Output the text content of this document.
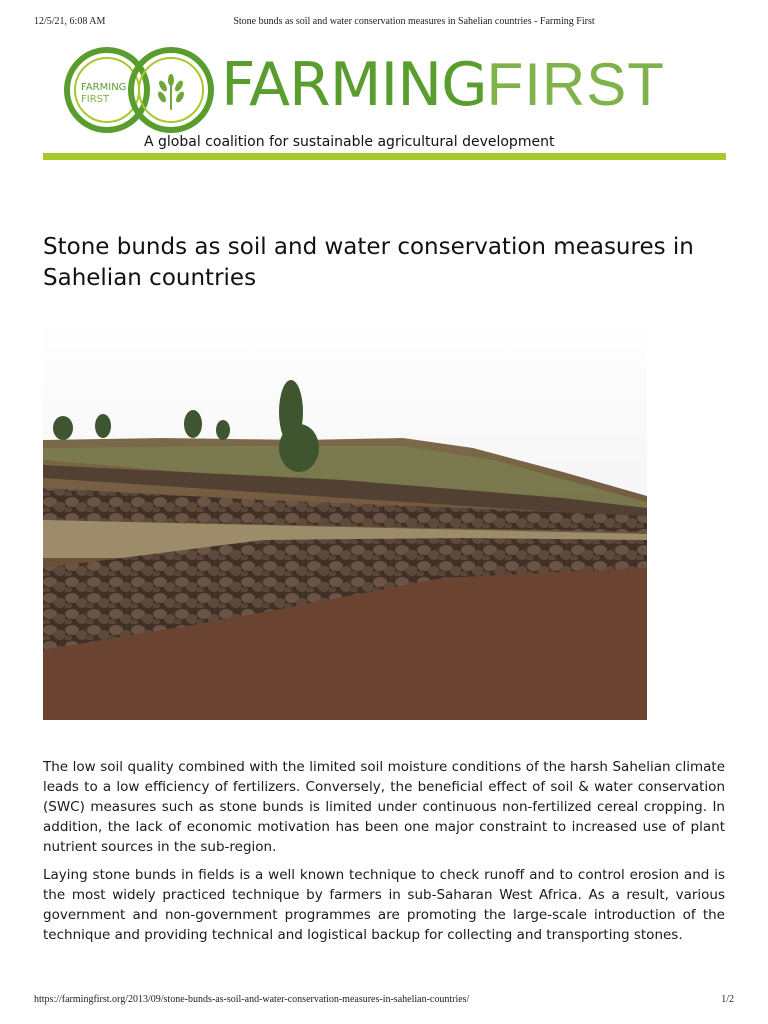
12/5/21, 6:08 AM	Stone bunds as soil and water conservation measures in Sahelian countries - Farming First
FARMING
FIRST FARMINGFIRST
A global coalition for sustainable agricultural development
Stone bunds as soil and water conservation measures in Sahelian countries

The low soil quality combined with the limited soil moisture conditions of the harsh Sahelian climate leads to a low efficiency of fertilizers. Conversely, the beneficial effect of soil & water conservation (SWC) measures such as stone bunds is limited under continuous non-fertilized cereal cropping. In addition, the lack of economic motivation has been one major constraint to increased use of plant nutrient sources in the sub-region.

Laying stone bunds in fields is a well known technique to check runoff and to control erosion and is the most widely practiced technique by farmers in sub-Saharan West Africa. As a result, various government and non-government programmes are promoting the large-scale introduction of the technique and providing technical and logistical backup for collecting and transporting stones.

https://farmingfirst.org/2013/09/stone-bunds-as-soil-and-water-conservation-measures-in-sahelian-countries/	1/2
